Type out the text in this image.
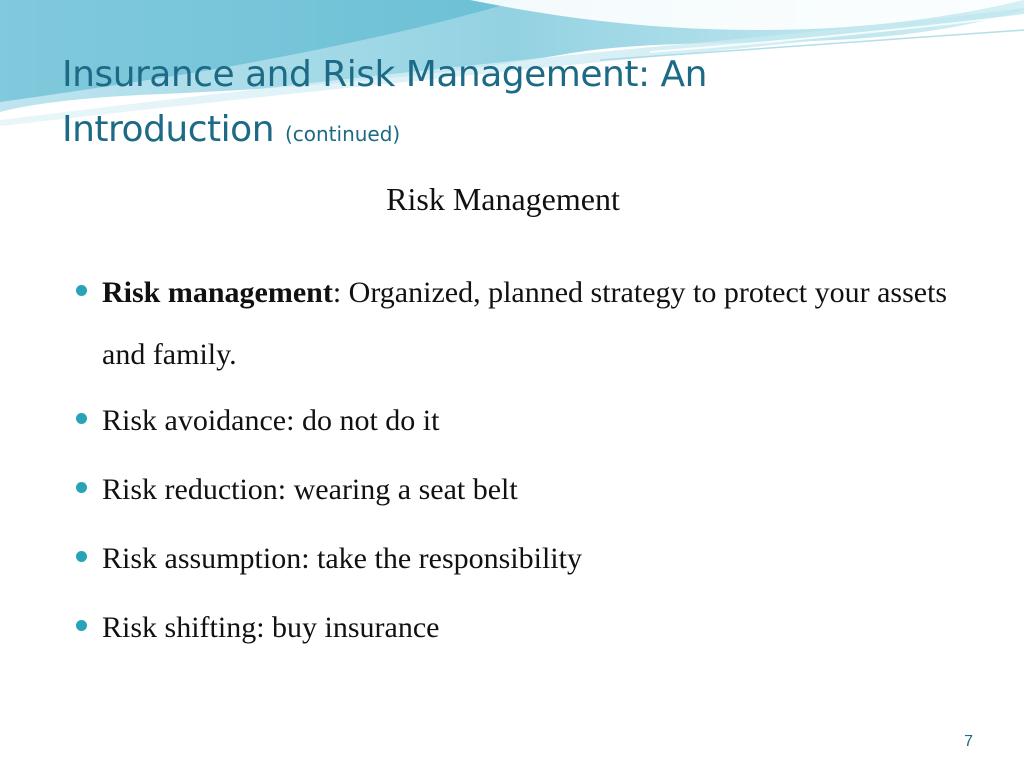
Insurance and Risk Management: An Introduction (continued)
Risk Management
Risk management: Organized, planned strategy to protect your assets and family.
Risk avoidance: do not do it
Risk reduction: wearing a seat belt
Risk assumption: take the responsibility
Risk shifting: buy insurance
7
